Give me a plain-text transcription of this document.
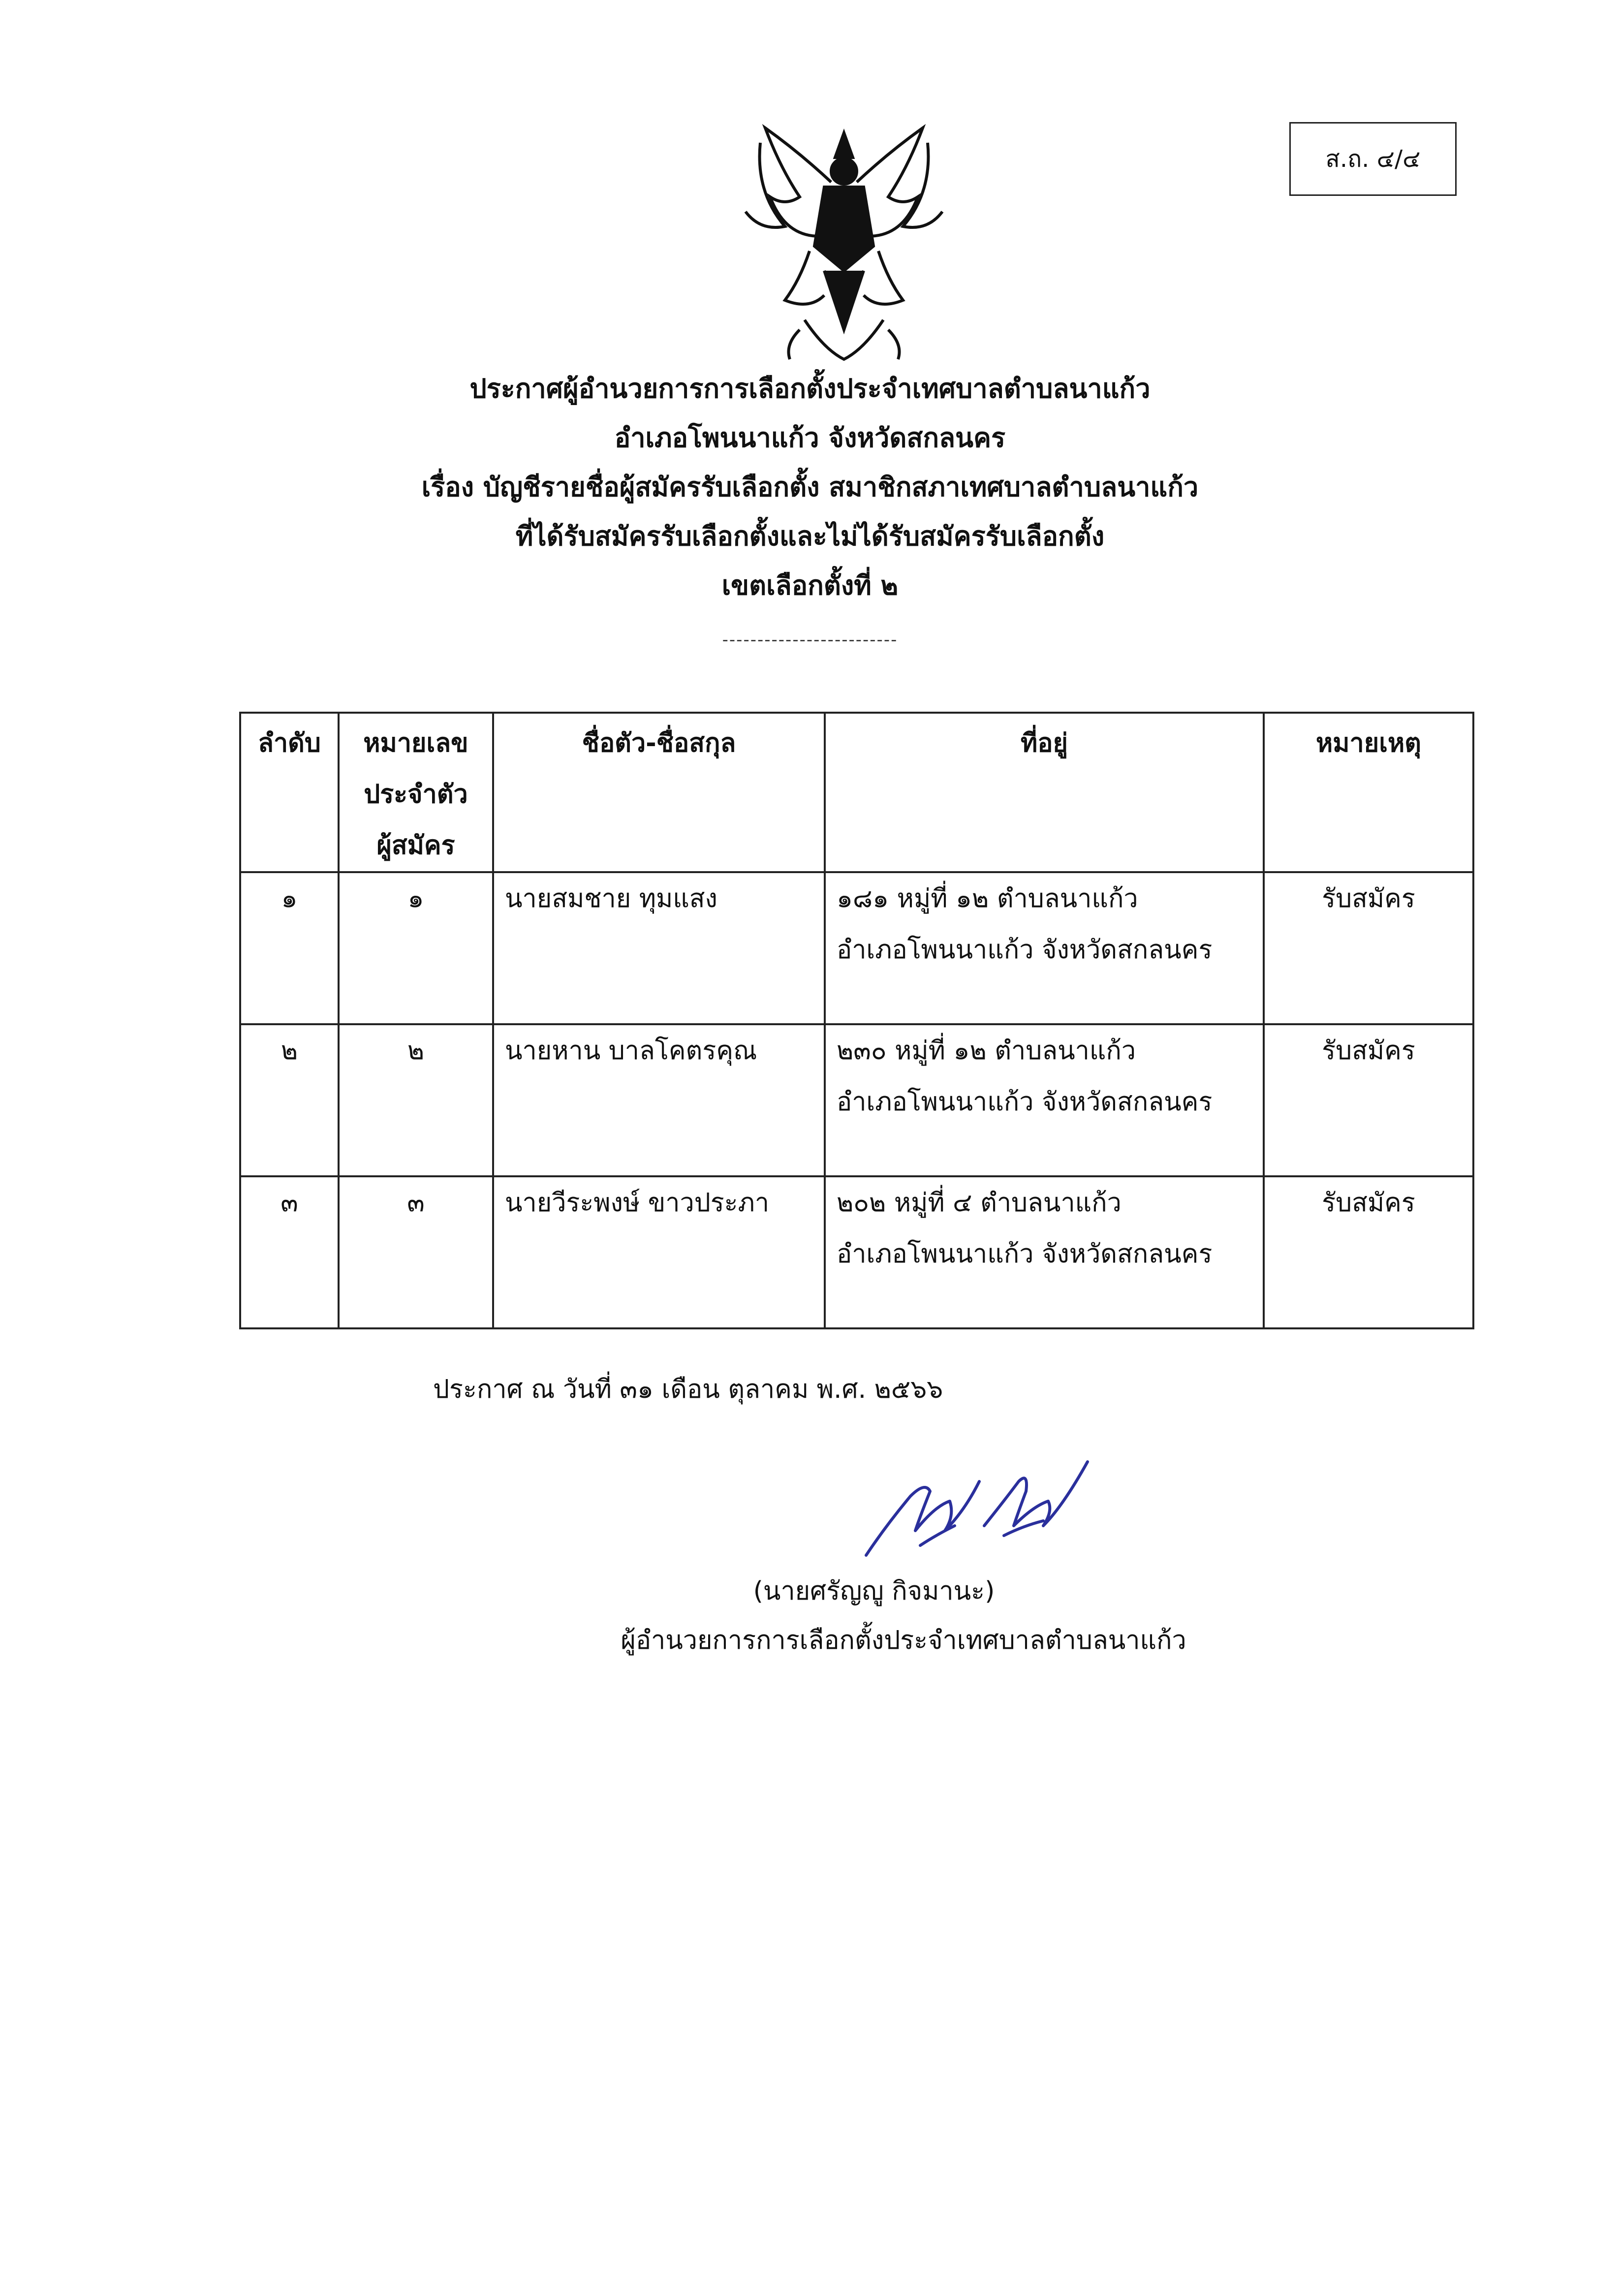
ส.ถ. ๔/๔
ประกาศผู้อำนวยการการเลือกตั้งประจำเทศบาลตำบลนาแก้ว
อำเภอโพนนาแก้ว จังหวัดสกลนคร
เรื่อง บัญชีรายชื่อผู้สมัครรับเลือกตั้ง สมาชิกสภาเทศบาลตำบลนาแก้ว
ที่ได้รับสมัครรับเลือกตั้งและไม่ได้รับสมัครรับเลือกตั้ง
เขตเลือกตั้งที่ ๒
-------------------------
ลำดับ	หมายเลข
ประจำตัว
ผู้สมัคร	ชื่อตัว-ชื่อสกุล	ที่อยู่	หมายเหตุ
๑	๑	นายสมชาย ทุมแสง	๑๘๑ หมู่ที่ ๑๒ ตำบลนาแก้ว
อำเภอโพนนาแก้ว จังหวัดสกลนคร	รับสมัคร
๒	๒	นายหาน บาลโคตรคุณ	๒๓๐ หมู่ที่ ๑๒ ตำบลนาแก้ว
อำเภอโพนนาแก้ว จังหวัดสกลนคร	รับสมัคร
๓	๓	นายวีระพงษ์ ขาวประภา	๒๐๒ หมู่ที่ ๔ ตำบลนาแก้ว
อำเภอโพนนาแก้ว จังหวัดสกลนคร	รับสมัคร
ประกาศ ณ วันที่ ๓๑ เดือน ตุลาคม พ.ศ. ๒๕๖๖
(นายศรัญญู กิจมานะ)
ผู้อำนวยการการเลือกตั้งประจำเทศบาลตำบลนาแก้ว
